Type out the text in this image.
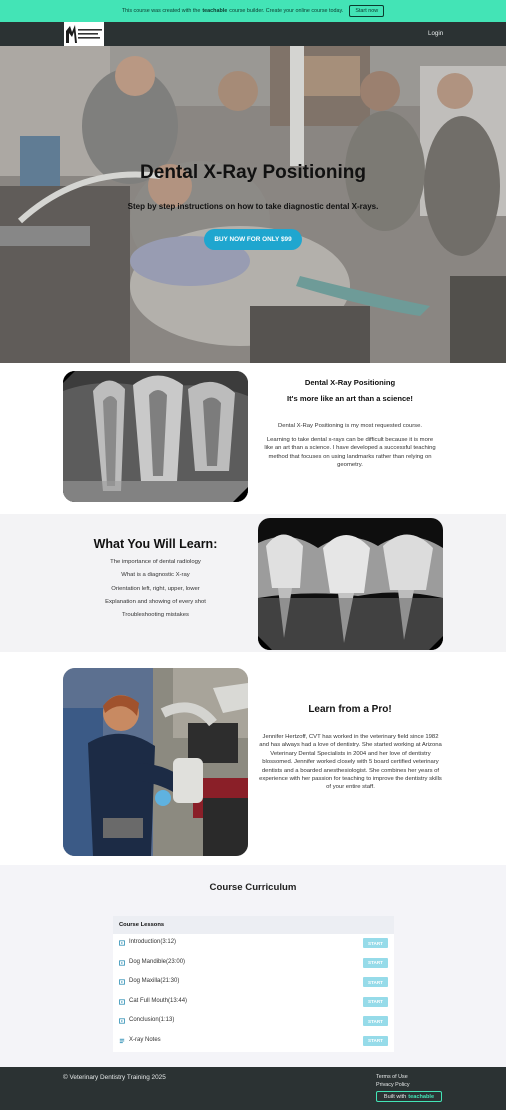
This course was created with the teachable course builder. Create your online course today.	Start now
Login
Dental X-Ray Positioning
Step by step instructions on how to take diagnostic dental X-rays.
BUY NOW FOR ONLY $99
Dental X-Ray Positioning
It's more like an art than a science!
Dental X-Ray Positioning is my most requested course.
Learning to take dental x-rays can be difficult because it is more like an art than a science. I have developed a successful teaching method that focuses on using landmarks rather than relying on geometry.
What You Will Learn:
The importance of dental radiology
What is a diagnostic X-ray
Orientation left, right, upper, lower
Explanation and showing of every shot
Troubleshooting mistakes
Learn from a Pro!
Jennifer Hertzoff, CVT has worked in the veterinary field since 1982 and has always had a love of dentistry. She started working at Arizona Veterinary Dental Specialists in 2004 and her love of dentistry blossomed. Jennifer worked closely with 5 board certified veterinary dentists and a boarded anesthesiologist. She combines her years of experience with her passion for teaching to improve the dentistry skills of your entire staff.
Course Curriculum
Course Lessons
Introduction(3:12)	START
Dog Mandible(23:00)	START
Dog Maxilla(21:30)	START
Cat Full Mouth(13:44)	START
Conclusion(1:13)	START
X-ray Notes	START
© Veterinary Dentistry Training 2025	Terms of Use
Privacy Policy
Built with teachable
